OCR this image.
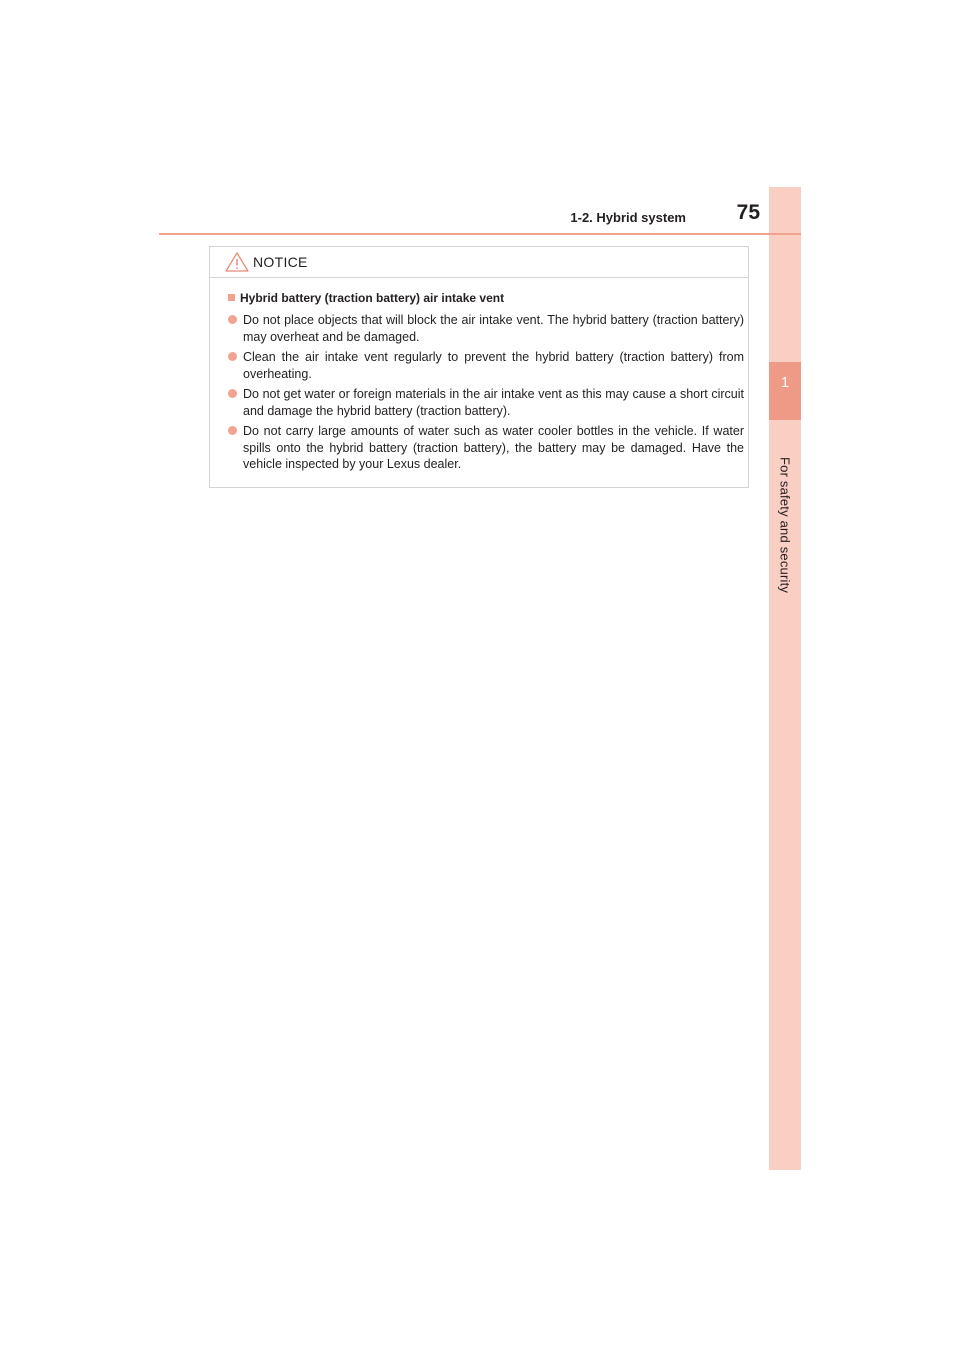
1
For safety and security
1-2. Hybrid system	75
NOTICE
Hybrid battery (traction battery) air intake vent
Do not place objects that will block the air intake vent. The hybrid battery (traction battery) may overheat and be damaged.
Clean the air intake vent regularly to prevent the hybrid battery (traction battery) from overheating.
Do not get water or foreign materials in the air intake vent as this may cause a short circuit and damage the hybrid battery (traction battery).
Do not carry large amounts of water such as water cooler bottles in the vehicle. If water spills onto the hybrid battery (traction battery), the battery may be damaged. Have the vehicle inspected by your Lexus dealer.
